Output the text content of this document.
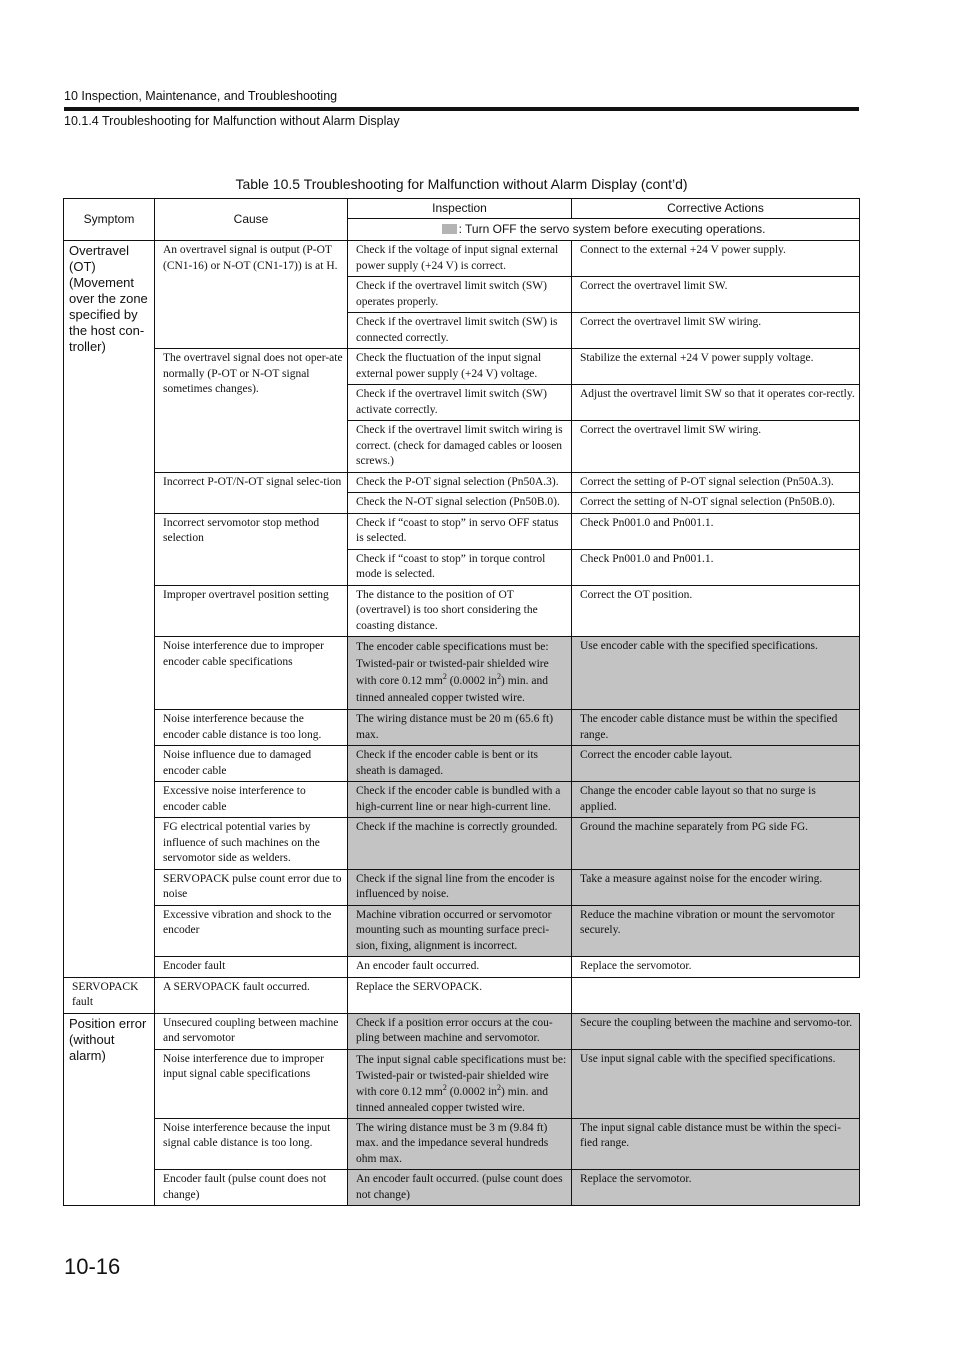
10 Inspection, Maintenance, and Troubleshooting
10.1.4 Troubleshooting for Malfunction without Alarm Display
Table 10.5 Troubleshooting for Malfunction without Alarm Display (cont’d)
Symptom	Cause	Inspection	Corrective Actions
		: Turn OFF the servo system before executing operations.	
Overtravel (OT) (Movement over the zone specified by the host con-troller)	An overtravel signal is output (P-OT (CN1-16) or N-OT (CN1-17)) is at H.	Check if the voltage of input signal external power supply (+24 V) is correct.	Connect to the external +24 V power supply.
		Check if the overtravel limit switch (SW) operates properly.	Correct the overtravel limit SW.
		Check if the overtravel limit switch (SW) is connected correctly.	Correct the overtravel limit SW wiring.
	The overtravel signal does not oper-ate normally (P-OT or N-OT signal sometimes changes).	Check the fluctuation of the input signal external power supply (+24 V) voltage.	Stabilize the external +24 V power supply voltage.
		Check if the overtravel limit switch (SW) activate correctly.	Adjust the overtravel limit SW so that it operates cor-rectly.
		Check if the overtravel limit switch wiring is correct. (check for damaged cables or loosen screws.)	Correct the overtravel limit SW wiring.
	Incorrect P-OT/N-OT signal selec-tion	Check the P-OT signal selection (Pn50A.3).	Correct the setting of P-OT signal selection (Pn50A.3).
		Check the N-OT signal selection (Pn50B.0).	Correct the setting of N-OT signal selection (Pn50B.0).
	Incorrect servomotor stop method selection	Check if “coast to stop” in servo OFF status is selected.	Check Pn001.0 and Pn001.1.
		Check if “coast to stop” in torque control mode is selected.	Check Pn001.0 and Pn001.1.
	Improper overtravel position setting	The distance to the position of OT (overtravel) is too short considering the coasting distance.	Correct the OT position.
	Noise interference due to improper encoder cable specifications	The encoder cable specifications must be:
Twisted-pair or twisted-pair shielded wire
with core 0.12 $mm^2$ (0.0002 $in^2$) min. and
tinned annealed copper twisted wire.	Use encoder cable with the specified specifications.
	Noise interference because the encoder cable distance is too long.	The wiring distance must be 20 m (65.6 ft) max.	The encoder cable distance must be within the specified range.
	Noise influence due to damaged encoder cable	Check if the encoder cable is bent or its sheath is damaged.	Correct the encoder cable layout.
	Excessive noise interference to encoder cable	Check if the encoder cable is bundled with a high-current line or near high-current line.	Change the encoder cable layout so that no surge is applied.
	FG electrical potential varies by influence of such machines on the servomotor side as welders.	Check if the machine is correctly grounded.	Ground the machine separately from PG side FG.
	SERVOPACK pulse count error due to noise	Check if the signal line from the encoder is influenced by noise.	Take a measure against noise for the encoder wiring.
	Excessive vibration and shock to the encoder	Machine vibration occurred or servomotor mounting such as mounting surface preci-sion, fixing, alignment is incorrect.	Reduce the machine vibration or mount the servomotor securely.
	Encoder fault	An encoder fault occurred.	Replace the servomotor.
SERVOPACK fault	A SERVOPACK fault occurred.	Replace the SERVOPACK.	
Position error (without alarm)	Unsecured coupling between machine and servomotor	Check if a position error occurs at the cou-pling between machine and servomotor.	Secure the coupling between the machine and servomo-tor.
	Noise interference due to improper input signal cable specifications	The input signal cable specifications must be:
Twisted-pair or twisted-pair shielded wire
with core 0.12 $mm^2$ (0.0002 $in^2$) min. and
tinned annealed copper twisted wire.	Use input signal cable with the specified specifications.
	Noise interference because the input signal cable distance is too long.	The wiring distance must be 3 m (9.84 ft) max. and the impedance several hundreds ohm max.	The input signal cable distance must be within the speci-fied range.
	Encoder fault (pulse count does not change)	An encoder fault occurred. (pulse count does not change)	Replace the servomotor.
10-16
